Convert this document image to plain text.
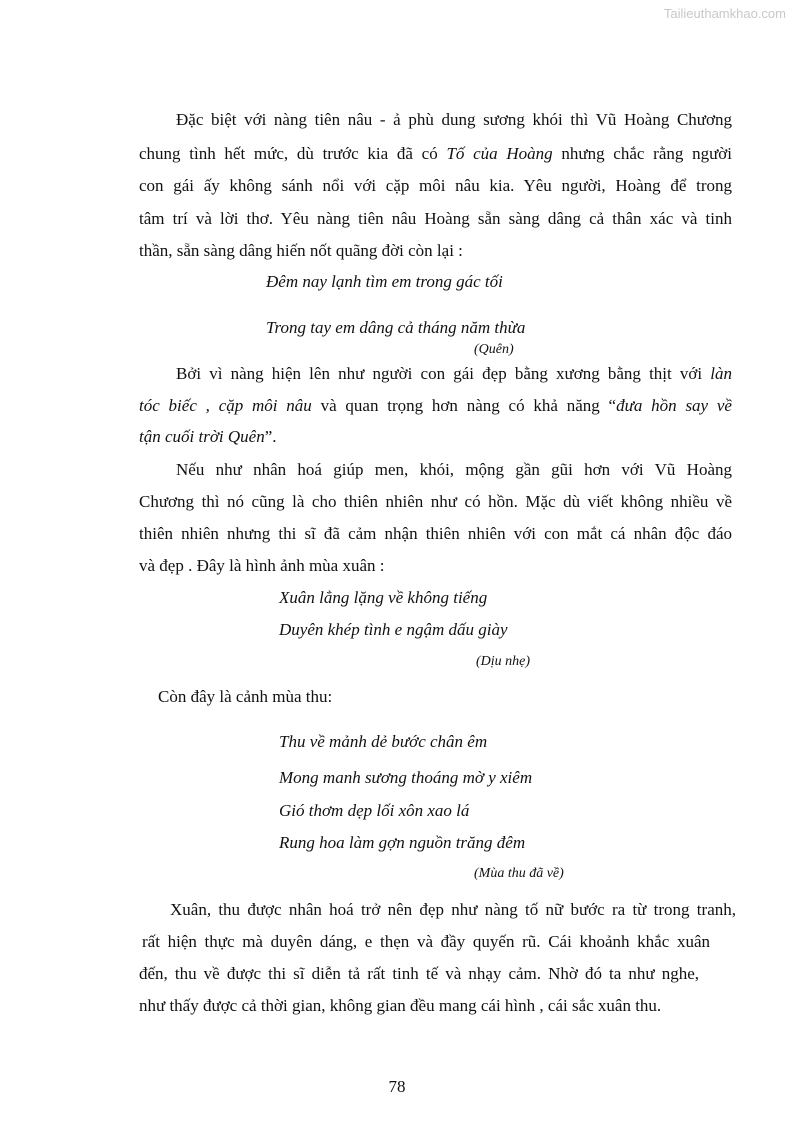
Tailieuthamkhao.com
Đặc biệt với nàng tiên nâu - ả phù dung sương khói thì Vũ Hoàng Chương
chung tình hết mức, dù trước kia đã có Tố của Hoàng nhưng chắc rằng người
con gái ấy không sánh nổi với cặp môi nâu kia. Yêu người, Hoàng để trong
tâm trí và lời thơ. Yêu nàng tiên nâu Hoàng sẵn sàng dâng cả thân xác và tinh
thần, sẵn sàng dâng hiến nốt quãng đời còn lại :
Đêm nay lạnh tìm em trong gác tối
Trong tay em dâng cả tháng năm thừa
(Quên)
Bởi vì nàng hiện lên như người con gái đẹp bằng xương bằng thịt với làn
tóc biếc , cặp môi nâu và quan trọng hơn nàng có khả năng “đưa hồn say về
tận cuối trời Quên”.
Nếu như nhân hoá giúp men, khói, mộng gần gũi hơn với Vũ Hoàng
Chương thì nó cũng là cho thiên nhiên như có hồn. Mặc dù viết không nhiều về
thiên nhiên nhưng thi sĩ đã cảm nhận thiên nhiên với con mắt cá nhân độc đáo
và đẹp . Đây là hình ảnh mùa xuân :
Xuân lẳng lặng về không tiếng
Duyên khép tình e ngậm dấu giày
(Dịu nhẹ)
Còn đây là cảnh mùa thu:
Thu về mảnh dẻ bước chân êm
Mong manh sương thoáng mờ y xiêm
Gió thơm dẹp lối xôn xao lá
Rung hoa làm gợn nguồn trăng đêm
(Mùa thu đã về)
Xuân, thu được nhân hoá trở nên đẹp như nàng tố nữ bước ra từ trong tranh,
rất hiện thực mà duyên dáng, e thẹn và đầy quyến rũ. Cái khoảnh khắc xuân
đến, thu về được thi sĩ diễn tả rất tinh tế và nhạy cảm. Nhờ đó ta như nghe,
như thấy được cả thời gian, không gian đều mang cái hình , cái sắc xuân thu.
78
